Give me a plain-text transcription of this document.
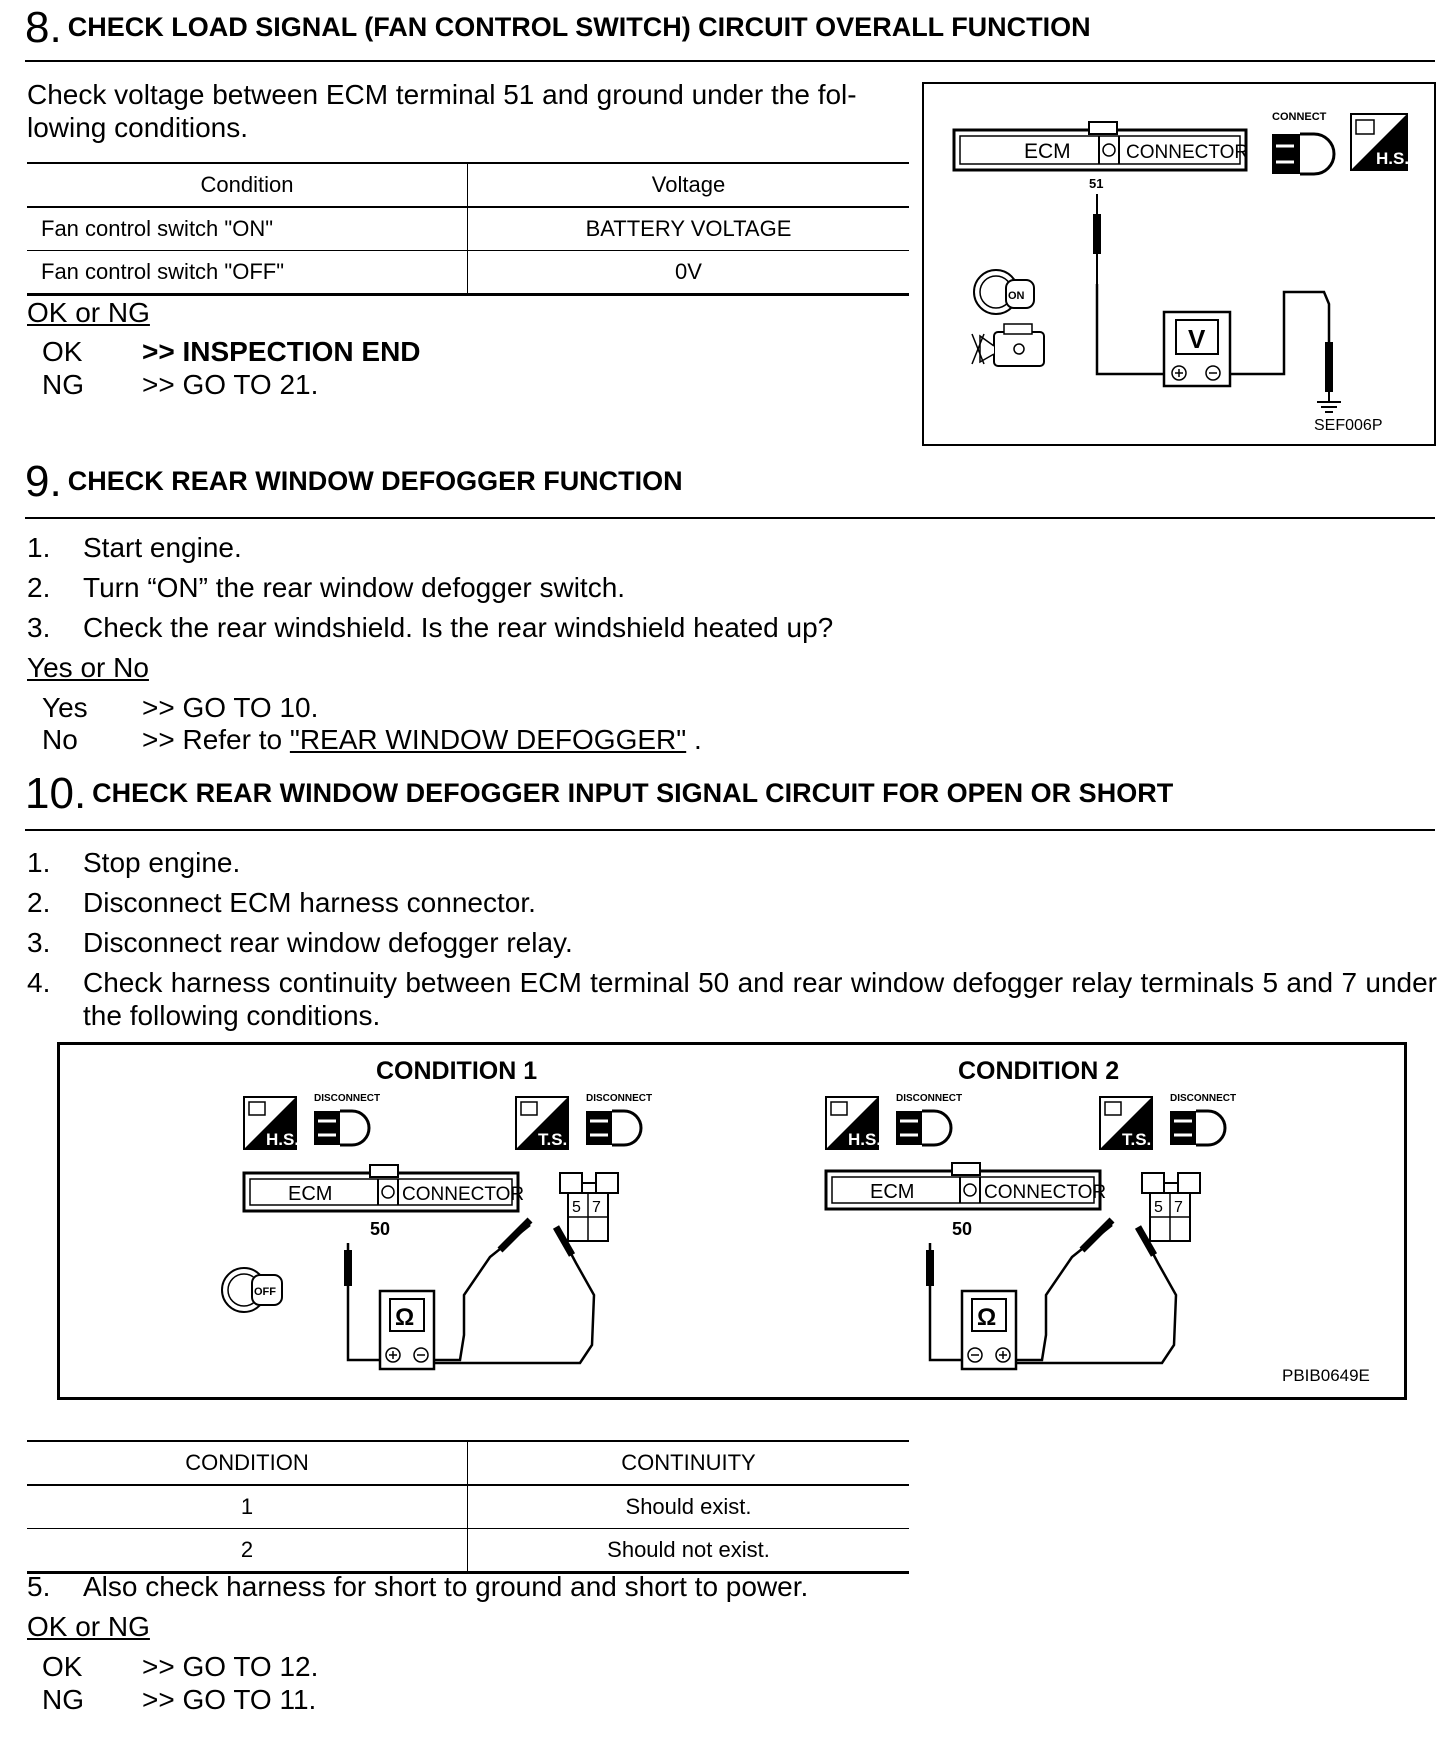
8. CHECK LOAD SIGNAL (FAN CONTROL SWITCH) CIRCUIT OVERALL FUNCTION
Check voltage between ECM terminal 51 and ground under the fol-
lowing conditions.
Condition	Voltage
Fan control switch "ON"	BATTERY VOLTAGE
Fan control switch "OFF"	0V
OK or NG
OK >> INSPECTION END
NG >> GO TO 21.
ECM	CONNECTOR
CONNECT
H.S.
51
V
ON
SEF006P
9. CHECK REAR WINDOW DEFOGGER FUNCTION
1. Start engine.
2. Turn “ON” the rear window defogger switch.
3. Check the rear windshield. Is the rear windshield heated up?
Yes or No
Yes >> GO TO 10.
No >> Refer to "REAR WINDOW DEFOGGER" .
10. CHECK REAR WINDOW DEFOGGER INPUT SIGNAL CIRCUIT FOR OPEN OR SHORT
1. Stop engine.
2. Disconnect ECM harness connector.
3. Disconnect rear window defogger relay.
4. Check harness continuity between ECM terminal 50 and rear window defogger relay terminals 5 and 7 under the following conditions.
CONDITION 1
H.S.
DISCONNECT
T.S.
DISCONNECT
ECM	CONNECTOR
50
5 7
OFF
Ω
CONDITION 2
H.S.
DISCONNECT
T.S.
DISCONNECT
ECM	CONNECTOR
50
5 7
Ω
PBIB0649E
CONDITION	CONTINUITY
1	Should exist.
2	Should not exist.
5. Also check harness for short to ground and short to power.
OK or NG
OK >> GO TO 12.
NG >> GO TO 11.
